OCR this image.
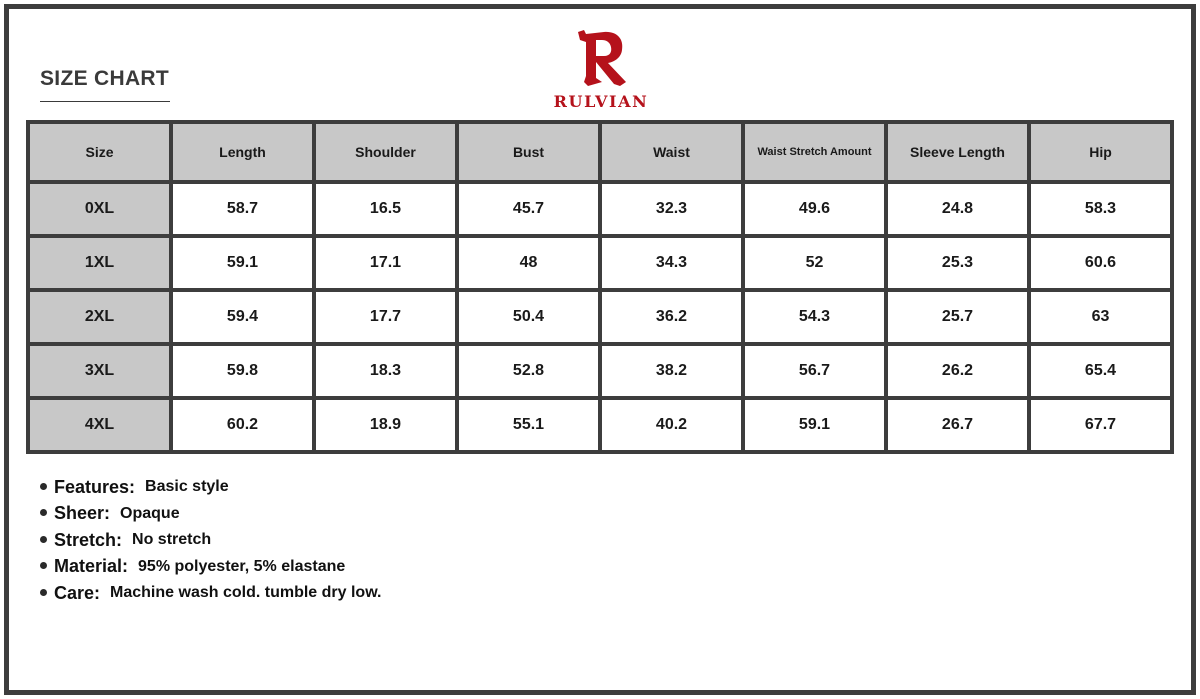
SIZE CHART
RULVIAN
Size	Length	Shoulder	Bust	Waist	Waist Stretch Amount	Sleeve Length	Hip
0XL	58.7	16.5	45.7	32.3	49.6	24.8	58.3
1XL	59.1	17.1	48	34.3	52	25.3	60.6
2XL	59.4	17.7	50.4	36.2	54.3	25.7	63
3XL	59.8	18.3	52.8	38.2	56.7	26.2	65.4
4XL	60.2	18.9	55.1	40.2	59.1	26.7	67.7
Features: Basic style
Sheer: Opaque
Stretch: No stretch
Material: 95% polyester, 5% elastane
Care: Machine wash cold. tumble dry low.
